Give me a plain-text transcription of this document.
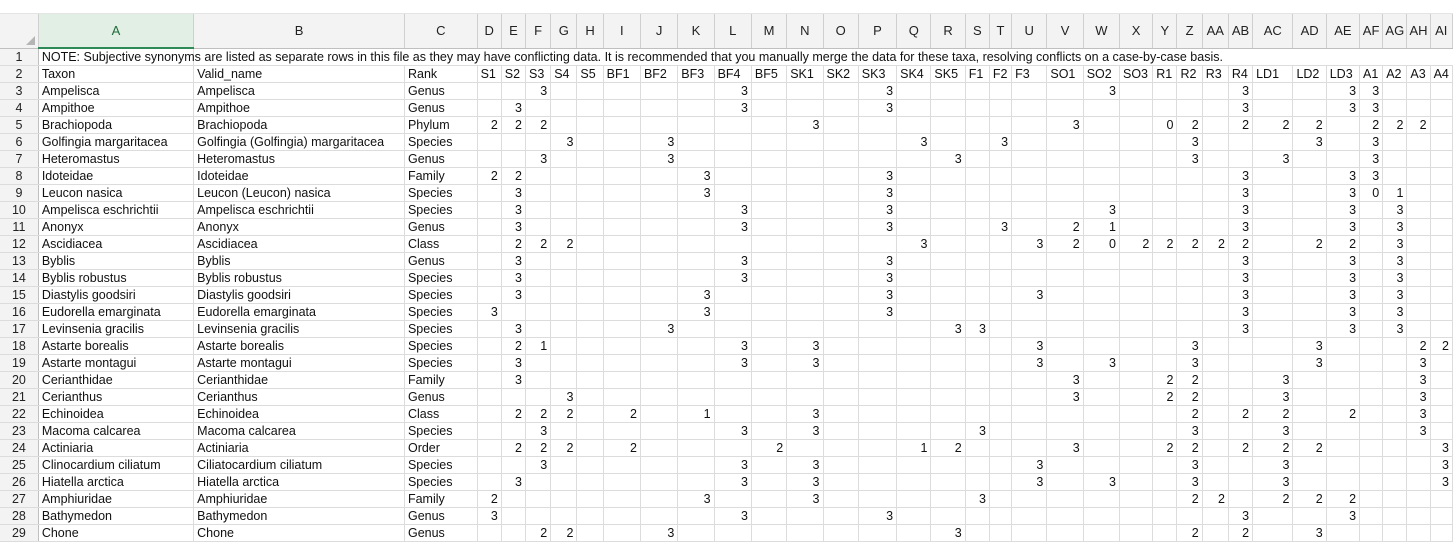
	A	B	C	D	E	F	G	H	I	J	K	L	M	N	O	P	Q	R	S	T	U	V	W	X	Y	Z	AA	AB	AC	AD	AE	AF	AG	AH	AI
1	NOTE: Subjective synonyms are listed as separate rows in this file as they may have conflicting data. It is recommended that you manually merge the data for these taxa, resolving conflicts on a case-by-case basis.																																		
2	Taxon	Valid_name	Rank	S1	S2	S3	S4	S5	BF1	BF2	BF3	BF4	BF5	SK1	SK2	SK3	SK4	SK5	F1	F2	F3	SO1	SO2	SO3	R1	R2	R3	R4	LD1	LD2	LD3	A1	A2	A3	A4
3	Ampelisca	Ampelisca	Genus			3						3				3							3					3			3	3			
4	Ampithoe	Ampithoe	Genus		3							3				3												3			3	3			
5	Brachiopoda	Brachiopoda	Phylum	2	2	2								3								3			0	2		2	2	2		2	2	2	
6	Golfingia margaritacea	Golfingia (Golfingia) margaritacea	Species				3			3							3			3						3				3		3			
7	Heteromastus	Heteromastus	Genus			3				3								3								3			3			3			
8	Idoteidae	Idoteidae	Family	2	2						3					3												3			3	3			
9	Leucon nasica	Leucon (Leucon) nasica	Species		3						3					3												3			3	0	1		
10	Ampelisca eschrichtii	Ampelisca eschrichtii	Species		3							3				3							3					3			3		3		
11	Anonyx	Anonyx	Genus		3							3				3				3		2	1					3			3		3		
12	Ascidiacea	Ascidiacea	Class		2	2	2										3				3	2	0	2	2	2	2	2		2	2		3		
13	Byblis	Byblis	Genus		3							3				3												3			3		3		
14	Byblis robustus	Byblis robustus	Species		3							3				3												3			3		3		
15	Diastylis goodsiri	Diastylis goodsiri	Species		3						3					3					3							3			3		3		
16	Eudorella emarginata	Eudorella emarginata	Species	3							3					3												3			3		3		
17	Levinsenia gracilis	Levinsenia gracilis	Species		3					3								3	3									3			3		3		
18	Astarte borealis	Astarte borealis	Species		2	1						3		3							3					3				3				2	2
19	Astarte montagui	Astarte montagui	Species		3							3		3							3		3			3				3				3	
20	Cerianthidae	Cerianthidae	Family		3																	3			2	2			3					3	
21	Cerianthus	Cerianthus	Genus				3															3			2	2			3					3	
22	Echinoidea	Echinoidea	Class		2	2	2		2		1			3												2		2	2		2			3	
23	Macoma calcarea	Macoma calcarea	Species			3						3		3					3							3			3					3	
24	Actiniaria	Actiniaria	Order		2	2	2		2				2				1	2				3			2	2		2	2	2					3
25	Clinocardium ciliatum	Ciliatocardium ciliatum	Species			3						3		3							3					3			3						3
26	Hiatella arctica	Hiatella arctica	Species		3							3		3							3		3			3			3						3
27	Amphiuridae	Amphiuridae	Family	2							3			3					3							2	2		2	2	2				
28	Bathymedon	Bathymedon	Genus	3								3				3												3			3				
29	Chone	Chone	Genus			2	2			3								3								2		2		3					
